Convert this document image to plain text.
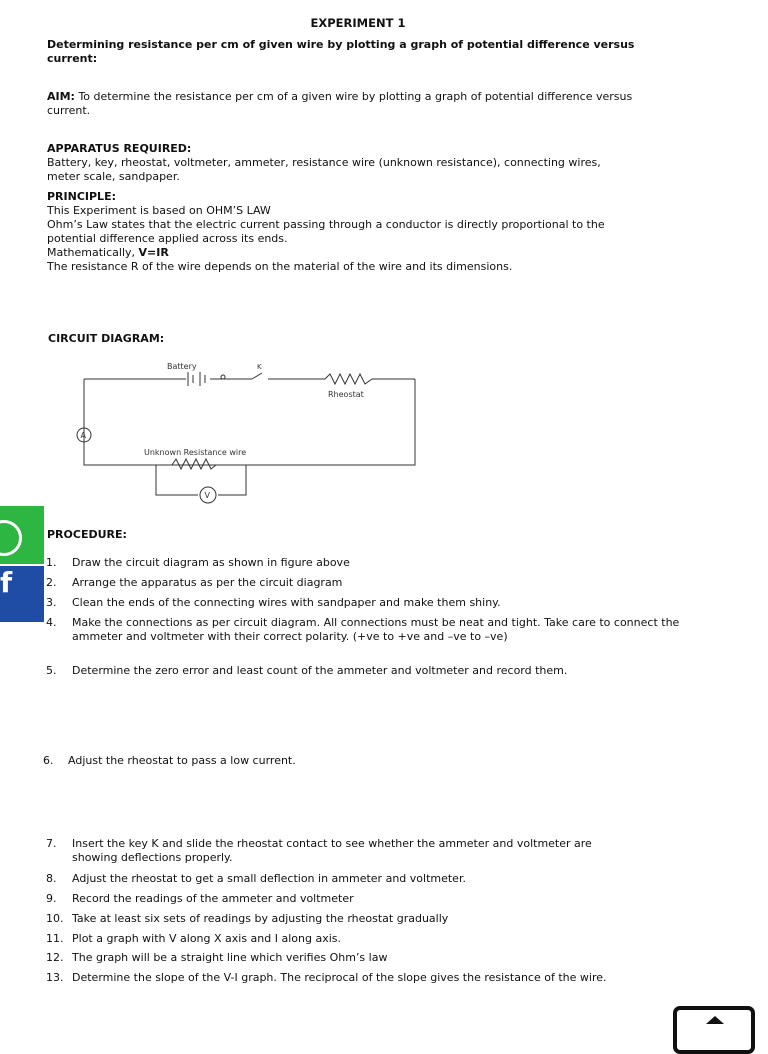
EXPERIMENT 1
Determining resistance per cm of given wire by plotting a graph of potential difference versus current:
AIM: To determine the resistance per cm of a given wire by plotting a graph of potential difference versus current.
APPARATUS REQUIRED:
Battery, key, rheostat, voltmeter, ammeter, resistance wire (unknown resistance), connecting wires, meter scale, sandpaper.
PRINCIPLE:
This Experiment is based on OHM’S LAW
Ohm’s Law states that the electric current passing through a conductor is directly proportional to the potential difference applied across its ends.
Mathematically, V=IR
The resistance R of the wire depends on the material of the wire and its dimensions.
CIRCUIT DIAGRAM:
Battery
Rheostat
Unknown Resistance wire
A
V
K
PROCEDURE:
1. Draw the circuit diagram as shown in figure above
2. Arrange the apparatus as per the circuit diagram
3. Clean the ends of the connecting wires with sandpaper and make them shiny.
4. Make the connections as per circuit diagram. All connections must be neat and tight. Take care to connect the ammeter and voltmeter with their correct polarity. (+ve to +ve and –ve to –ve)
5. Determine the zero error and least count of the ammeter and voltmeter and record them.
6. Adjust the rheostat to pass a low current.
7. Insert the key K and slide the rheostat contact to see whether the ammeter and voltmeter are showing deflections properly.
8. Adjust the rheostat to get a small deflection in ammeter and voltmeter.
9. Record the readings of the ammeter and voltmeter
10. Take at least six sets of readings by adjusting the rheostat gradually
11. Plot a graph with V along X axis and I along axis.
12. The graph will be a straight line which verifies Ohm’s law
13. Determine the slope of the V-I graph. The reciprocal of the slope gives the resistance of the wire.
f
